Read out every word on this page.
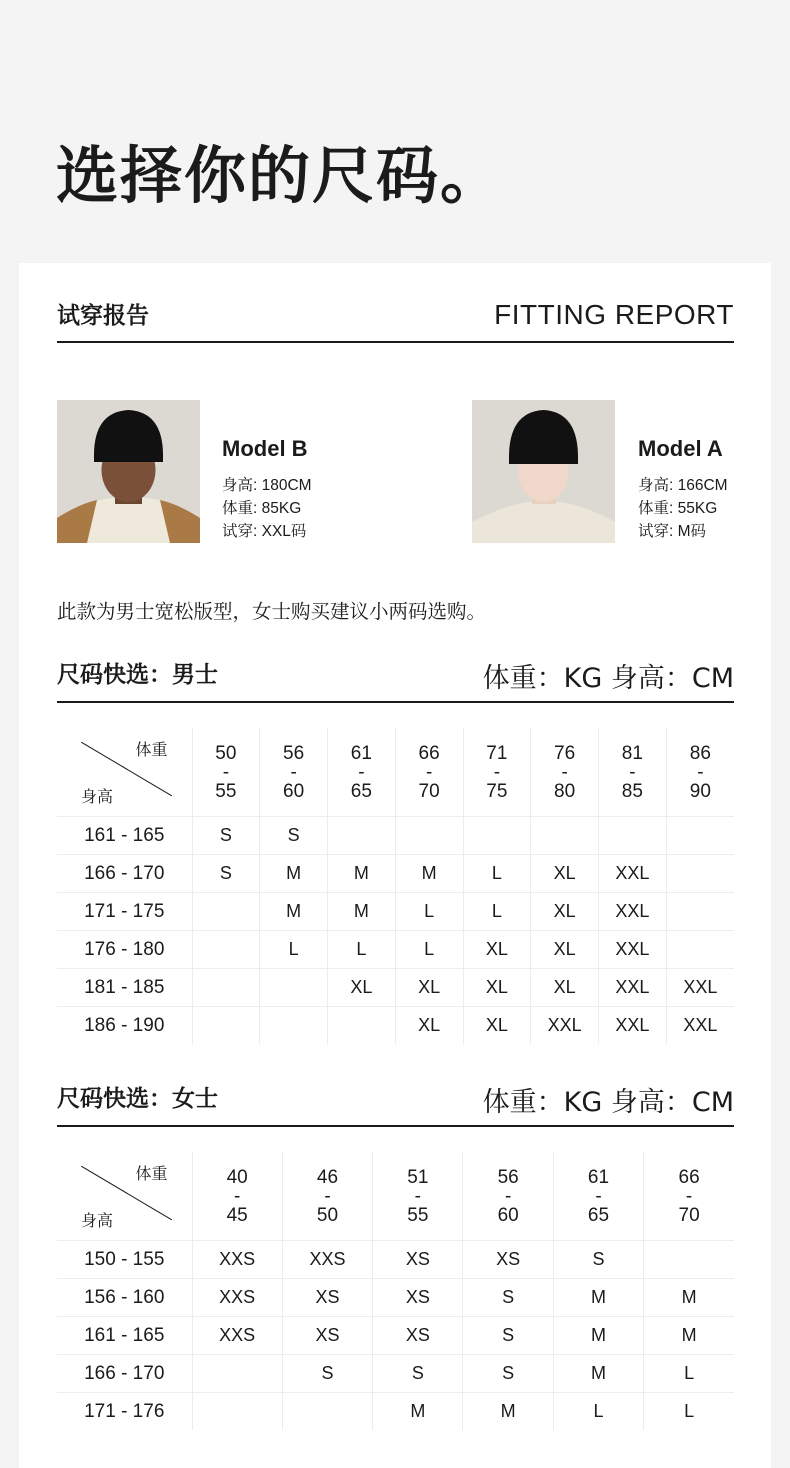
选择你的尺码。
试穿报告	FITTING REPORT
Model B
身高: 180CM
体重: 85KG
试穿: XXL码
Model A
身高: 166CM
体重: 55KG
试穿: M码
此款为男士宽松版型，女士购买建议小两码选购。
尺码快选：男士	体重：KG 身高：CM
体重
身高	50
-
55	56
-
60	61
-
65	66
-
70	71
-
75	76
-
80	81
-
85	86
-
90

161 - 165	S	S						
166 - 170	S	M	M	M	L	XL	XXL	
171 - 175		M	M	L	L	XL	XXL	
176 - 180		L	L	L	XL	XL	XXL	
181 - 185			XL	XL	XL	XL	XXL	XXL
186 - 190				XL	XL	XXL	XXL	XXL
尺码快选：女士	体重：KG 身高：CM
体重
身高	40
-
45	46
-
50	51
-
55	56
-
60	61
-
65	66
-
70

150 - 155	XXS	XXS	XS	XS	S	
156 - 160	XXS	XS	XS	S	M	M
161 - 165	XXS	XS	XS	S	M	M
166 - 170		S	S	S	M	L
171 - 176			M	M	L	L
